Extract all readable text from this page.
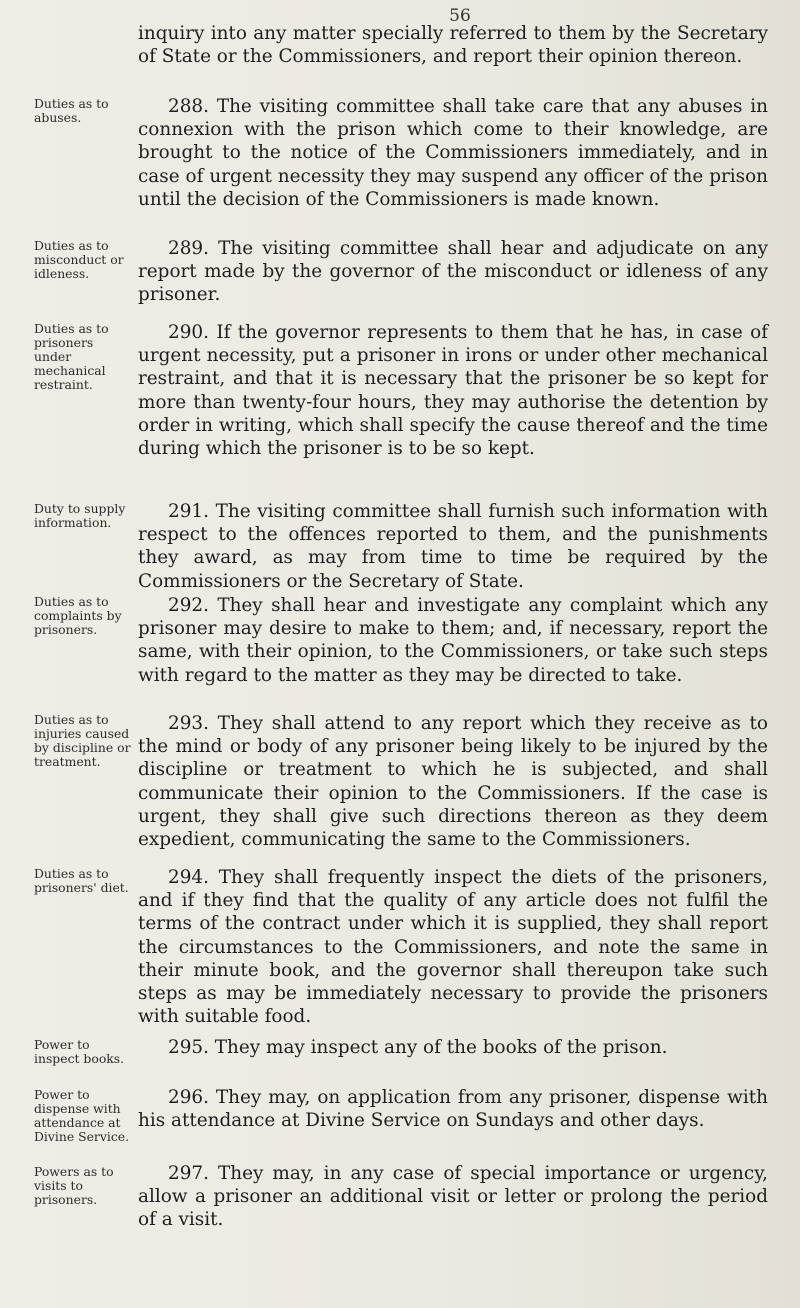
56

inquiry into any matter specially referred to them by the Secretary of State or the Commissioners, and report their opinion thereon.

288. The visiting committee shall take care that any abuses in connexion with the prison which come to their knowledge, are brought to the notice of the Commissioners immediately, and in case of urgent necessity they may suspend any officer of the prison until the decision of the Commissioners is made known.

289. The visiting committee shall hear and adjudicate on any report made by the governor of the misconduct or idleness of any prisoner.

290. If the governor represents to them that he has, in case of urgent necessity, put a prisoner in irons or under other mechanical restraint, and that it is necessary that the prisoner be so kept for more than twenty-four hours, they may authorise the detention by order in writing, which shall specify the cause thereof and the time during which the prisoner is to be so kept.

291. The visiting committee shall furnish such information with respect to the offences reported to them, and the punishments they award, as may from time to time be required by the Commissioners or the Secretary of State.

292. They shall hear and investigate any complaint which any prisoner may desire to make to them; and, if necessary, report the same, with their opinion, to the Commissioners, or take such steps with regard to the matter as they may be directed to take.

293. They shall attend to any report which they receive as to the mind or body of any prisoner being likely to be injured by the discipline or treatment to which he is subjected, and shall communicate their opinion to the Commissioners. If the case is urgent, they shall give such directions thereon as they deem expedient, communicating the same to the Commissioners.

294. They shall frequently inspect the diets of the prisoners, and if they find that the quality of any article does not fulfil the terms of the contract under which it is supplied, they shall report the circumstances to the Commissioners, and note the same in their minute book, and the governor shall thereupon take such steps as may be immediately necessary to provide the prisoners with suitable food.

295. They may inspect any of the books of the prison.

296. They may, on application from any prisoner, dispense with his attendance at Divine Service on Sundays and other days.

297. They may, in any case of special importance or urgency, allow a prisoner an additional visit or letter or prolong the period of a visit.

Duties as to abuses.
Duties as to misconduct or idleness.
Duties as to prisoners under mechanical restraint.
Duty to supply information.
Duties as to complaints by prisoners.
Duties as to injuries caused by discipline or treatment.
Duties as to prisoners' diet.
Power to inspect books.
Power to dispense with attendance at Divine Service.
Powers as to visits to prisoners.
